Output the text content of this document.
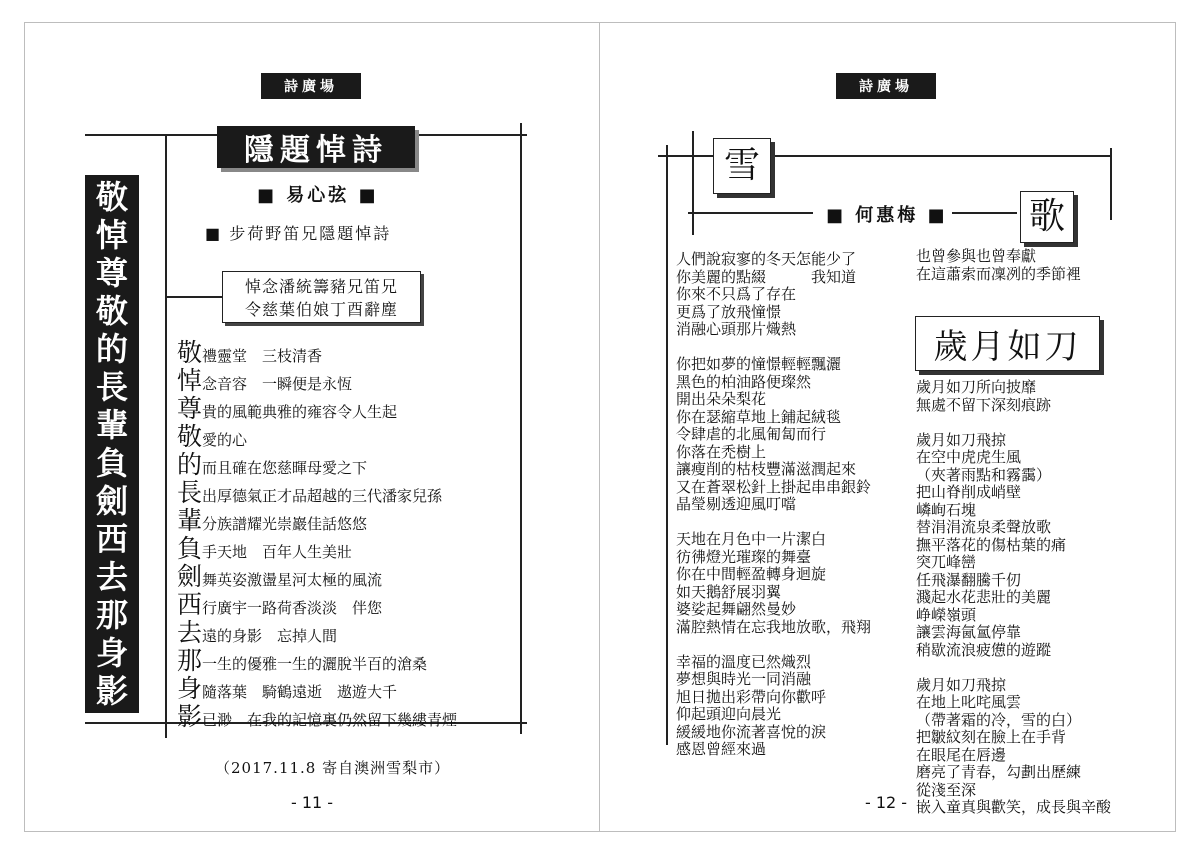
詩廣場
隱題悼詩
■ 易心弦 ■
■ 步荷野笛兄隱題悼詩
悼念潘統籌豬兄笛兄
令慈葉伯娘丁酉辭塵
敬
悼
尊
敬
的
長
輩
負
劍
西
去
那
身
影
敬禮靈堂　三枝清香
悼念音容　一瞬便是永恆
尊貴的風範典雅的雍容令人生起
敬愛的心
的而且確在您慈暉母愛之下
長出厚德氣正才品超越的三代潘家兒孫
輩分族譜耀光崇巖佳話悠悠
負手天地　百年人生美壯
劍舞英姿激盪星河太極的風流
西行廣宇一路荷香淡淡　伴您
去遠的身影　忘掉人間
那一生的優雅一生的灑脫半百的滄桑
身隨落葉　騎鶴遠逝　遨遊大千
影已渺　在我的記憶裏仍然留下幾縷青煙
（2017.11.8 寄自澳洲雪梨市）
- 11 -
詩廣場
雪
歌
■ 何惠梅 ■
人們說寂寥的冬天怎能少了
你美麗的點綴　　　我知道
你來不只爲了存在
更爲了放飛憧憬
消融心頭那片熾熱
你把如夢的憧憬輕輕飄灑
黑色的柏油路便璨然
開出朵朵梨花
你在瑟縮草地上鋪起絨毯
令肆虐的北風匍匐而行
你落在禿樹上
讓瘦削的枯枝豐滿滋潤起來
又在蒼翠松針上掛起串串銀鈴
晶瑩剔透迎風叮噹
天地在月色中一片潔白
彷彿燈光璀璨的舞臺
你在中間輕盈轉身迴旋
如天鵝舒展羽翼
婆娑起舞翩然曼妙
滿腔熱情在忘我地放歌，飛翔
幸福的溫度已然熾烈
夢想與時光一同消融
旭日拋出彩帶向你歡呼
仰起頭迎向晨光
緩緩地你流著喜悅的淚
感恩曾經來過
也曾參與也曾奉獻
在這蕭索而凜冽的季節裡
歲月如刀
歲月如刀所向披靡
無處不留下深刻痕跡
歲月如刀飛掠
在空中虎虎生風
（夾著雨點和霧靄）
把山脊削成峭壁
嶙峋石塊
替涓涓流泉柔聲放歌
撫平落花的傷枯葉的痛
突兀峰巒
任飛瀑翻騰千仞
濺起水花悲壯的美麗
峥嶸嶺頭
讓雲海氤氳停靠
稍歇流浪疲憊的遊蹤
歲月如刀飛掠
在地上叱咤風雲
（帶著霜的冷，雪的白）
把皺紋刻在臉上在手背
在眼尾在唇邊
磨亮了青春，勾劃出歷練
從淺至深
嵌入童真與歡笑，成長與辛酸
- 12 -
